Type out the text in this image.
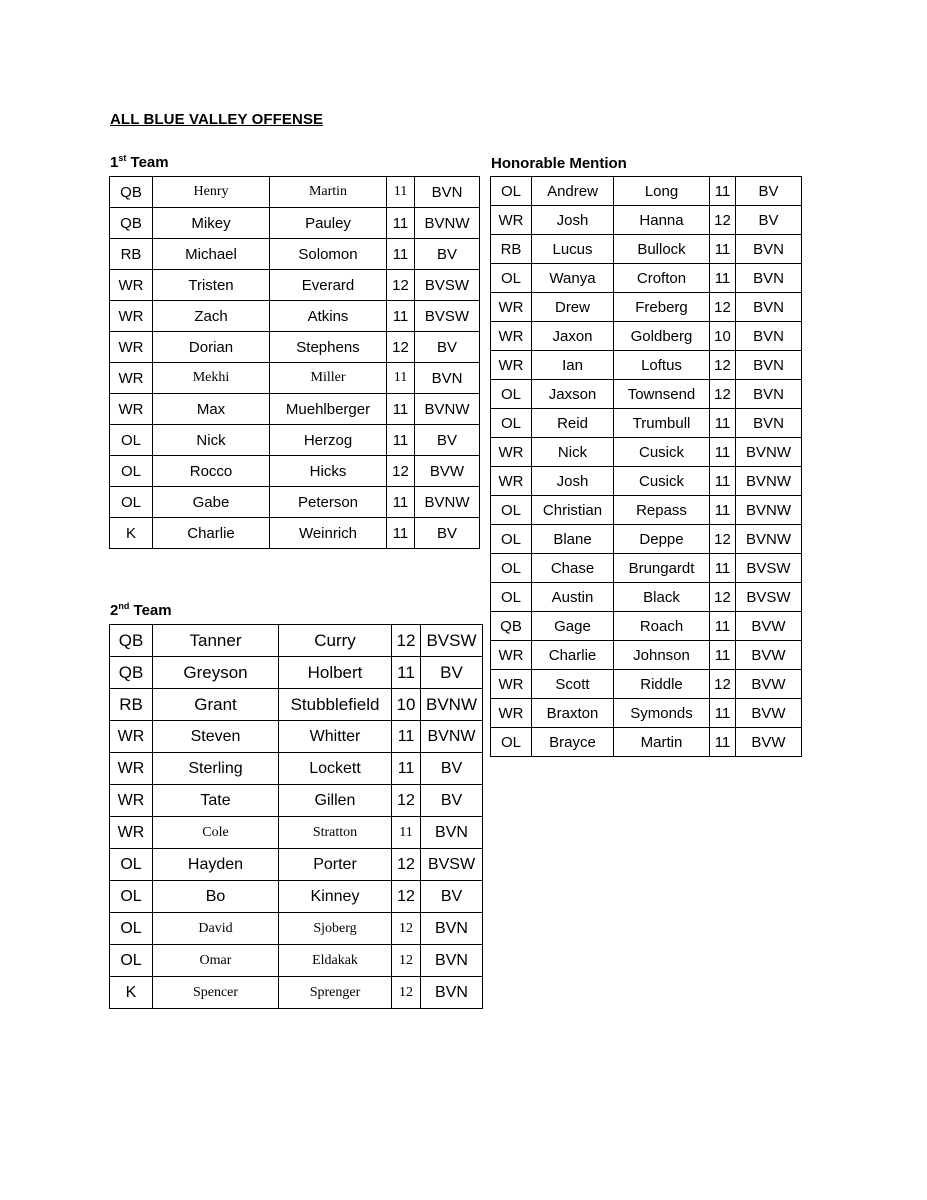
ALL BLUE VALLEY OFFENSE
1st Team
QB	Henry	Martin	11	BVN
QB	Mikey	Pauley	11	BVNW
RB	Michael	Solomon	11	BV
WR	Tristen	Everard	12	BVSW
WR	Zach	Atkins	11	BVSW
WR	Dorian	Stephens	12	BV
WR	Mekhi	Miller	11	BVN
WR	Max	Muehlberger	11	BVNW
OL	Nick	Herzog	11	BV
OL	Rocco	Hicks	12	BVW
OL	Gabe	Peterson	11	BVNW
K	Charlie	Weinrich	11	BV
2nd Team
QB	Tanner	Curry	12	BVSW
QB	Greyson	Holbert	11	BV
RB	Grant	Stubblefield	10	BVNW
WR	Steven	Whitter	11	BVNW
WR	Sterling	Lockett	11	BV
WR	Tate	Gillen	12	BV
WR	Cole	Stratton	11	BVN
OL	Hayden	Porter	12	BVSW
OL	Bo	Kinney	12	BV
OL	David	Sjoberg	12	BVN
OL	Omar	Eldakak	12	BVN
K	Spencer	Sprenger	12	BVN
Honorable Mention
OL	Andrew	Long	11	BV
WR	Josh	Hanna	12	BV
RB	Lucus	Bullock	11	BVN
OL	Wanya	Crofton	11	BVN
WR	Drew	Freberg	12	BVN
WR	Jaxon	Goldberg	10	BVN
WR	Ian	Loftus	12	BVN
OL	Jaxson	Townsend	12	BVN
OL	Reid	Trumbull	11	BVN
WR	Nick	Cusick	11	BVNW
WR	Josh	Cusick	11	BVNW
OL	Christian	Repass	11	BVNW
OL	Blane	Deppe	12	BVNW
OL	Chase	Brungardt	11	BVSW
OL	Austin	Black	12	BVSW
QB	Gage	Roach	11	BVW
WR	Charlie	Johnson	11	BVW
WR	Scott	Riddle	12	BVW
WR	Braxton	Symonds	11	BVW
OL	Brayce	Martin	11	BVW
